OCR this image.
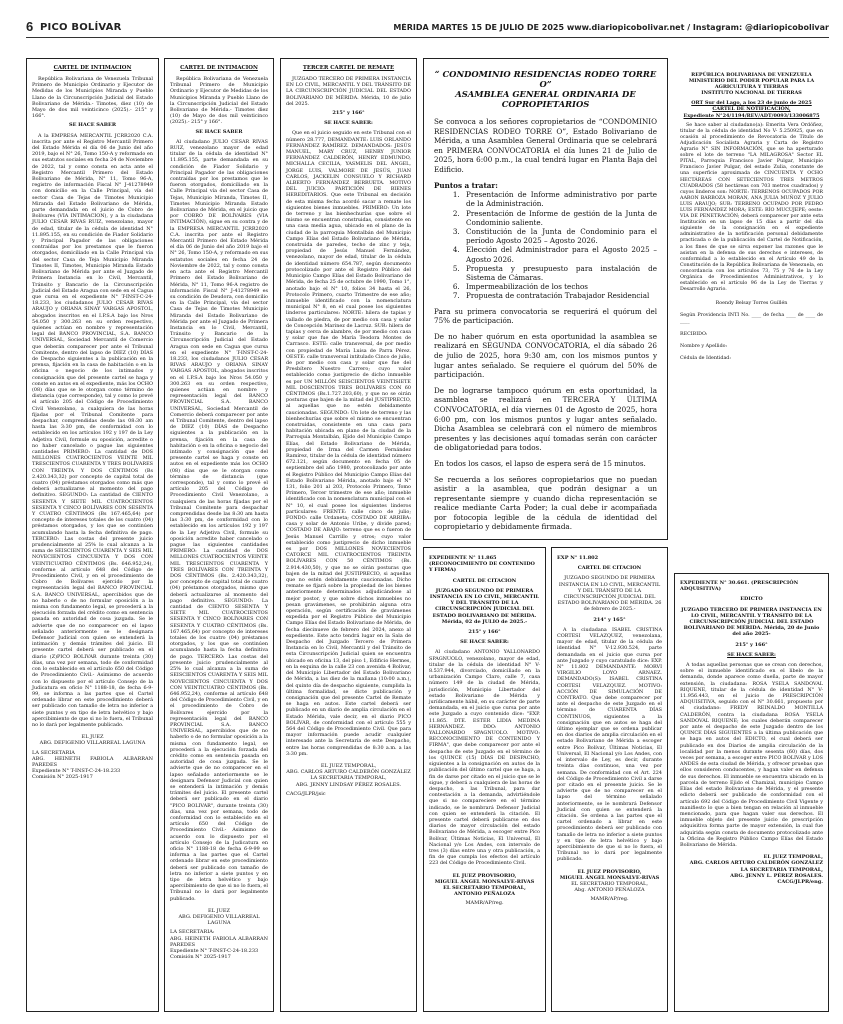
6 PICO BOLÍVAR	MÉRIDA MARTES 15 DE JULIO DE 2025 www.diariopicobolivar.net / Instagram: @diariopicobolivar
CARTEL DE INTIMACION

República Bolivariana de Venezuela Tribunal Primero de Municipio Ordinario y Ejecutor de Medidas de los Municipios Miranda y Pueblo Llano de la Circunscripción Judicial del Estado Bolivariano de Mérida.- Timotes, diez (10) de Mayo de dos mil veinticinco (2025).- 215° y 166°.

SE HACE SABER

A la EMPRESA MERCANTIL JCRR2020 C.A. inscrita por ante el Registro Mercantil Primero del Estado Mérida el día 06 de Junio del año 2019, bajo el N° 26, Tomo 150-A y reformado en sus estatutos sociales en fecha 24 de Noviembre de 2022, tal y como consta en acta ante el Registro Mercantil Primero del Estado Bolivariano de Mérida, N° 11, Tomo 96-A, registro de información Fiscal N° J-41278949 con domicilio en la Calle Principal, vía del sector Casa de Tejas de Timotes Municipio Miranda del Estado Bolivariano de Mérida, parte demandada en el juicio de Cobro de Bolívares (VIA INTIMACION), y a la ciudadana JULIO CESAR RIVAS RUIZ, venezolano, mayor de edad, titular de la cédula de identidad N° 11.895.155, en su condición de Fiador Solidario y Principal Pagador de las obligaciones contraídas por los prestamos que le fueron otorgados, domiciliado en la Calle Principal vía del sector Casa de Teja Municipio Miranda Timotes II, Timotes, Municipio Miranda Estado Bolivariano de Mérida por ante el Juzgado de Primera Instancia en lo Civil, Mercantil, Tránsito y Bancario de la Circunscripción Judicial del Estado Aragua con sede en el Cagua que cursa en el expediente N° T-INST-C-24-18.233, los ciudadanos JULIO CESAR RIVAS ARAUJO y ORIANA SINAY VARGAS APOSTOL, abogados inscritos en el I.P.S.A bajo los Nros 54.050 y 300.263 en su orden respectivo, quienes actúan en nombre y representación legal del BANCO PROVINCIAL, S.A. BANCO UNIVERSAL, Sociedad Mercantil de Comercio que deberán comparecer por ante el Tribunal Comitente, dentro del lapso de DIEZ (10) DÍAS de Despacho siguientes a la publicación en la prensa, fijación en la casa de habitación o en la oficina o negocio de los intimados y consignación que del presente cartel se haga y conste en autos en el expediente, más los OCHO (08) días que se le otorgan como término de distancia (que corresponde), tal y como lo prevé el artículo 205 del Código de Procedimiento Civil Venezolano, a cualquiera de las horas fijadas por el Tribunal Comitente para despachar, comprendidas desde las 08:30 am hasta las 3:30 pm, de conformidad con lo establecido en los artículos 192 y 197 de la Ley Adjetiva Civil, formule su oposición, acredite o no haber cancelado o pague las siguientes cantidades PRIMERO: La cantidad de DOS MILLONES CUATROCIENTOS VEINTE MIL TRESCIENTOS CUARENTA Y TRES BOLÍVARES CON TREINTA Y DOS CÉNTIMOS (Bs 2.420.343,32) por concepto de capital total de cuatro (04) préstamos otorgados como más que deberá actualizarse al momento del pago definitivo. SEGUNDO: La cantidad de CIENTO SESENTA Y SIETE MIL CUATROCIENTOS SESENTA Y CINCO BOLÍVARES CON SESENTA Y CUATRO CÉNTIMOS (Bs 167.465,64) por concepto de intereses totales de los cuatro (04) préstamos otorgados, y los que se continúen acumulando hasta la fecha definitiva de pago. TERCERO: Las costas del presente juicio prudencialmente al 25% lo cual alcanza a la suma de SEISCIENTOS CUARENTA Y SEIS MIL NOVECIENTOS CINCUENTA Y DOS CON VEINTICUATRO CÉNTIMOS (Bs. 646.952,24), conforme al artículo 648 del Código de Procedimiento Civil, y en el procedimiento de Cobro de Bolívares ejercido por la representación legal del BANCO PROVINCIAL S.A. BANCO UNIVERSAL, apercibidos que de no haberlo o de no formular oposición a la misma con fundamento legal, se procederá a la ejecución forzada del crédito como en sentencia pasada en autoridad de cosa juzgada. Se le advierte que de no comparecer en el lapso señalado anteriormente se le designara Defensor Judicial con quien se entenderá la intimación y demás trámites del juicio. El presente cartel deberá ser publicado en el diario (Z)PICO BOLIVAR durante treinta (30) días, una vez por semana, todo de conformidad con lo establecido en el artículo 650 del Código de Procedimiento Civil.- Asimismo de acuerdo con lo dispuesto por el artículo Consejo de la Judicatura en oficio N° 1188-18, de fecha 6-9-99, se informa a las partes que el Cartel ordenado librar en este procedimiento deberá ser publicado con tamaño de letra no inferior a siete puntos y en tipo de letra helvético y bajo apercibimiento de que si no lo fuera, el Tribunal no lo dará por legalmente publicado.

EL JUEZ
ABG. DEFIGENIO VILLARREAL LAGUNA
LA SECRETARIA
ABG. HEINETH FABIOLA ALBARRAN PAREDES
Expediente N° T-INST-C-24-18.233
Comisión N° 2025-1917
CARTEL DE INTIMACION

República Bolivariana de Venezuela Tribunal Primero de Municipio Ordinario y Ejecutor de Medidas de los Municipios Miranda y Pueblo Llano de la Circunscripción Judicial del Estado Bolivariano de Mérida.- Timotes diez (10) de Mayo de dos mil veinticinco (2025).- 215° y 166°.

SE HACE SABER

Al ciudadano JULIO CESAR RIVAS RUIZ, venezolano mayor de edad titular de la cédula de identidad N° 11.895.155, parte demandada en su condición de Fiador Solidario y Principal Pagador de las obligaciones contraídas por los prestamos que le fueron otorgados, domiciliado en la Calle Principal vía del sector Casa de Tejas, Municipio Miranda, Timotes II, Timotes Municipio Miranda Estado Bolivariano de Mérida, en el juicio que por COBRO DE BOLÍVARES (VIA INTIMACIÓN), sigue en su contra y de la EMPRESA MERCANTIL JCRR2020 C.A. inscrita por ante el Registro Mercantil Primero del Estado Mérida el día 06 de Junio del año 2019 bajo el N° 26, Tomo 150-A, y reformado en sus estatutos sociales en fecha 24 de Noviembre de 2022, tal y como consta en acta ante el Registro Mercantil Primero del Estado Bolivariano de Mérida, N° 11, Tomo 96-A registro de información Fiscal N° J-41278949 es su condición de Deudora, con domicilio en la Calle Principal, vía del sector Casa de Tejas de Timotes Municipio Miranda del Estado Bolivariano de Mérida por ante el Juzgado de Primera Instancia en lo Civil, Mercantil, Tránsito y Bancario de la Circunscripción Judicial del Estado Aragua con sede en Cagua que cursa en el expediente N° T-INST-C-24-18.233, los ciudadanos JULIO CESAR RIVAS ARAUJO y ORIANA SINAY VARGAS APOSTOL, abogados inscritos en el I.P.S.A bajo los Nros 54.050 y 300.263 en su orden respectivo, quienes actúan en nombre y representación legal del BANCO PROVINCIAL S.A. BANCO UNIVERSAL, Sociedad Mercantil de Comercio deberá comparecer por ante el Tribunal Comitente, dentro del lapso de DIEZ (10) DÍAS de Despacho siguientes a la publicación en la prensa, fijación en la casa de habitación o en la oficina o negocio del intimado y consignación que del presente cartel se haga y conste en autos en el expediente más los OCHO (08) días que se le otorgan como término de distancia (que corresponde), tal y como lo prevé el artículo 205 del Código de Procedimiento Civil Venezolano, a cualquiera de las horas fijadas por el Tribunal Comitente para despachar comprendidas desde las 8:30 am hasta las 3:30 pm, de conformidad con lo establecido en los artículos 192 y 197 de la Ley Adjetiva Civil, formule su oposición acredite haber cancelado o pague las siguientes cantidades PRIMERO: La cantidad de DOS MILLONES CUATROCIENTOS VEINTE MIL TRESCIENTOS CUARENTA Y TRES BOLÍVARES CON TREINTA Y DOS CÉNTIMOS (Bs. 2.420.343,32), por concepto de capital total de cuatro (04) préstamos otorgados, mismo que deberá actualizarse al momento del pago definitivo. SEGUNDO: La cantidad de CIENTO SESENTA Y SIETE MIL CUATROCIENTOS SESENTA Y CINCO BOLÍVARES CON SESENTA Y CUATRO CÉNTIMOS (Bs. 167.465,64) por concepto de intereses totales de los cuatro (04) préstamos otorgados, y los que se continúen acumulando hasta la fecha definitiva de pago. TERCERO: Las costas del presente juicio prudencialmente al 25% lo cual alcanza a la suma de SEISCIENTOS CUARENTA Y SEIS MIL NOVECIENTOS CINCUENTA Y DOS CON VEINTICUATRO CÉNTIMOS (Bs. 646.952,24), conforme al artículo 648 del Código de Procedimiento Civil, y en el procedimiento de Cobro de Bolívares ejercido por la representación legal del BANCO PROVINCIAL S.A. BANCO UNIVERSAL, apercibidos que de no haberlo o de no formular oposición a la misma con fundamento legal, se procederá a la ejecución forzada del crédito como en sentencia pasada en autoridad de cosa juzgada. Se le advierte que de no comparecer en el lapso señalado anteriormente se le designara Defensor Judicial con quien se entenderá la intimación y demás trámites del juicio. El presente cartel deberá ser publicado en el diario "PICO BOLIVAR", durante treinta (30) días, una vez por semana, todo de conformidad con lo establecido en el artículo 650 del Código de Procedimiento Civil.- Asimismo de acuerdo con lo dispuesto por el artículo Consejo de la Judicatura en oficio N° 1188-18 de fecha 6-9-99 se informa a las partes que el Cartel ordenado librar en este procedimiento deberá ser publicado con tamaño de letra no inferior a siete puntos y en tipo de letra helvético y bajo apercibimiento de que si no lo fuera, el Tribunal no lo dará por legalmente publicado.

EL JUEZ
ABG. DEFIGENIO VILLARREAL LAGUNA
LA SECRETARIA:
ABG. HEINETH FABIOLA ALBARRAN PAREDES
Expediente N° T-INST-C-24-18.233
Comisión N° 2025-1917
TERCER CARTEL DE REMATE

JUZGADO TERCERO DE PRIMERA INSTANCIA EN LO CIVIL, MERCANTIL Y DEL TRÁNSITO DE LA CIRCUNSCRIPCIÓN JUDICIAL DEL ESTADO BOLIVARIANO DE MÉRIDA. Mérida, 10 de julio del 2025.

215° y 166°
SE HACE SABER:

Que en el juicio seguido en este Tribunal con el número 28.777, DEMANDANTE: LUIS ORLANDO FERNÁNDEZ RAMÍREZ. DEMANDADOS: JESÚS MANUEL, MARY CRUZ, HENRY JUNIOR FERNÁNDEZ CALDERÓN, HENRY EDMUNDO, MICHALLA CECILIA, YASMELIS DEL ÁNGEL, JORGE LUIS, VALMORE DE JESÚS, JUAN CARLOS, JACKELIN CONSUELO Y RICHARD ALBERTO FERNÁNDEZ BERRUETA. MOTIVO DEL JUICIO: PARTICIÓN DE BIENES HEREDITARIOS. Que este Tribunal en decisión de esta misma fecha acordó sacar a remate los siguientes bienes inmuebles. PRIMERO: Un lote de terreno y las bienhechurías que sobre el mismo se encuentran construidas, consistente en una casa media agua, ubicado en el plano de la ciudad de la parroquia Montalbán del Municipio Campo Elías del Estado Bolivariano de Mérida, construida de paredes, techo de zinc y teja, propiedad de Jesús Manuel Fernández, venezolano, mayor de edad, titular de la cédula de identidad número 654.787, según documento protocolizado por ante el Registro Público del Municipio Campo Elías del Estado Bolivariano de Mérida, de fecha 25 de octubre de 1990, Tomo 1°, anotado bajo el N° 10, folios 34 hasta el 26, Protocolo Primero, cuarto Trimestre de ese año; inmueble identificado con la nomenclatura municipal N° 8, en el cual posee los siguientes linderos particulares: NORTE: hilera de tapias y vallado de piedra, de por medio con casa y solar de Concepción Marinez de Lacruz. SUR: hilera de tapias y cerca de alambre, de por medio con casa y solar que fue de María Teodora Montes de Carrasco. ESTE: calle transversal, de por medio con propiedad de María Luisa de Parra Pérez. OESTE: calle transversal intitulado Cinco de julio, de por medio con casa y solar que fue del Presbítero Nuestro Carrero; cuyo valor establecido como justiprecio de dicho inmueble es por UN MILLÓN SEISCIENTOS VEINTISIETE MIL DOSCIENTOS TRES BOLÍVARES CON 60 CÉNTIMOS (Bs.1.727.203,60), y que no se oirán posturas que bajen de la mitad del JUSTIPRECIO, al aquellas que no estén debidamente caucionadas. SEGUNDO: Un lote de terreno y las bienhechurías que sobre el mismo se encuentran construidas, consistente en una casa para habitación ubicada en plano de la ciudad de la Parroquia Montalbán, Ejido del Municipio Campo Elías, del Estado Bolivariano de Mérida, propiedad de Irma del Carmen Fernández Ramírez, titular de la cédula de identidad número 672.121, según documento en fecha 05 de septiembre del año 1980, protocolizado por ante el Registro Público del Municipio Campo Elías del Estado Bolivariano Mérida, anotado bajo el N° 131, folio 201 al 203, Protocolo Primero, Tomo Primero, Tercer trimestre de ese año; inmueble identificado con la nomenclatura municipal con el N° 10, el cual posee los siguientes linderos particulares: FRENTE: calle cinco de julio; FONDO: calle Urdaneta; COSTADO DE ARRIBA: casa y solar de Antonio Uribe, y divide pared; COSTADO DE ABAJO: terreno que es o fueron de Jesús Manuel Carrillo y otros; cuyo valor establecido como justiprecio de dicho inmueble es por DOS MILLONES NOVECIENTOS CATORCE MIL CUATROCIENTOS TREINTA BOLÍVARES CON 50 CÉNTIMOS (Bs. 2.914.430,50), y que no se oirán posturas que bajen de la mitad del JUSTIPRECIO, si aquellas que no estén debidamente caucionadas. Dicho remate se fijará sobre la propiedad de los bienes anteriormente determinados adjudicándose al mejor postor, y que sobre dichos inmuebles no pesan gravámenes, se prohibirán alguna otra operación, según certificación de gravámenes expedida por el Registro Público del Municipio Campo Elías del Estado Bolivariano de Mérida, de fecha diecinueve de febrero del 2024, anexo al expediente. Este acto tendrá lugar en la Sala de Despacho del Juzgado Tercero de Primera Instancia en lo Civil, Mercantil y del Tránsito de esta Circunscripción Judicial quien se encuentra ubicado en oficina 13, del piso 1, Edificio Hermes, en la esquina de la calle 23 con avenida 4 Bolívar, del Municipio Libertador del Estado Bolivariano de Mérida, a las diez de la mañana (10:00 a.m.), del quinto día de despacho siguiente, cumplida la última formalidad, se dicte publicación y consignación que del presente Cartel de Remate se haga en autos. Este cartel deberá ser publicado en un diario de amplia circulación en el Estado Mérida, vale decir, en el diario PICO BOLÍVAR, de conformidad con el artículo 555 y 564 del Código de Procedimiento Civil. Que para mayor información puede acudir cualquier interesado ante la Secretaría de este Despacho, entre las horas comprendidas de 8:30 a.m. a las 3:30 pm.

EL JUEZ TEMPORAL,
ABG. CARLOS ARTURO CALDERÓN GONZÁLEZ
LA SECRETARIA TEMPORAL,
ABG. JENNY LINDSAY PÉREZ ROSALES.
CACG/JLPR/jsic
“ CONDOMINIO RESIDENCIAS RODEO TORRE O”
ASAMBLEA GENERAL ORDINARIA DE COPROPIETARIOS

Se convoca a los señores copropietarios de “CONDOMINIO RESIDENCIAS RODEO TORRE O”, Estado Bolivariano de Mérida, a una Asamblea General Ordinaria que se celebrará en PRIMERA CONVOCATORIA el día lunes 21 de Julio de 2025, hora 6:00 p.m., la cual tendrá lugar en Planta Baja del Edificio.

Puntos a tratar:
1. Presentación de Informe administrativo por parte de la Administración.
2. Presentación de Informe de gestión de la Junta de Condominio saliente.
3. Constitución de la Junta de Condominio para el período Agosto 2025 – Agosto 2026.
4. Elección del Administrador para el Agosto 2025 – Agosto 2026.
5. Propuesta y presupuesto para instalación de Sistema de Cámaras.
6. Impermeabilización de los techos
7. Propuesta de contratación Trabajador Residencial

Para su primera convocatoria se requerirá el quórum del 75% de participación.

De no haber quórum en esta oportunidad la asamblea se realizará en SEGUNDA CONVOCATORIA, el día sábado 26 de julio de 2025, hora 9:30 am, con los mismos puntos y lugar antes señalado. Se requiere el quórum del 50% de participación.

De no lograrse tampoco quórum en esta oportunidad, la asamblea se realizará en TERCERA Y ÚLTIMA CONVOCATORIA, el día viernes 01 de Agosto de 2025, hora 6:00 pm, con los mismos puntos y lugar antes señalado. Dicha Asamblea se celebrará con el número de miembros presentes y las decisiones aquí tomadas serán con carácter de obligatoriedad para todos.

En todos los casos, el lapso de espera será de 15 minutos.

Se recuerda a los señores copropietarios que no puedan asistir a la asamblea, que podrán designar a un representante siempre y cuando dicha representación se realice mediante Carta Poder; la cual debe ir acompañada por fotocopia legible de la cédula de identidad del copropietario y debidamente firmada.

REPÚBLICA BOLIVARIANA DE VENEZUELA
MINISTERIO DEL PODER POPULAR PARA LA AGRICULTURA Y TIERRAS
INSTITUTO NACIONAL DE TIERRAS
ORT Sur del Lago, a los 23 de junio de 2025
CARTEL DE NOTIFICACIÓN,
Expediente N°24/1194/REV/ADT/0093/133006875
Se hace saber al ciudadano(a): Emerita Vera Ordóñez, titular de la cédula de identidad No V- 5.250925, que en ocasión al procedimiento de Revocatoria de Título de Adjudicación Socialista Agraria y Carta de Registro Agrario N° SIN INFORMACIÓN, que se ha aperturado sobre el lote de terreno "LA MILAGROSA" Sector EL PITAL, Parroquia Francisco Javier Pulgar, Municipio Francisco Javier Pulgar, del estado Zulia, constante de una superficie aproximada de CINCUENTA Y OCHO HECTÁREAS CON SETECIENTOS TRES METROS CUADRADOS (58 hectáreas con 703 metros cuadrados) y cuyos linderos son: NORTE: TERRENOS OCUPADOS POR AARON BARBOZA MORAN, ANA JULIA MUÑOZ Y JULIO LUIS ARAUJO; SUR: TERRENO OCUPADO POR PEDRO LUIS FERNÁNDEZ MORA; ESTE: RÍO MUCUJEPE; oeste: VIA DE PENETRACIÓN; deberá comparecer por ante esta Institución en un lapso de 15 días a partir del día siguiente de la consignación en el expediente administrativo de la notificación personal debidamente practicada o de la publicación del Cartel de Notificación, a los fines de que se sirva exponer las razones que le asistan en la defensa de sus derechos e intereses, de conformidad a lo establecido en el Artículo 49 de la Constitución de la República Bolivariana de Venezuela, en concordancia con los artículos 73, 75 y 76 de la Ley Orgánica de Procedimientos Administrativos, y lo establecido en el artículo 96 de la Ley de Tierras y Desarrollo Agrario.
Roendy Belsay Torres Guillén
Según Providencia INTI No. ____ de fecha ____ de ____ de ____
RECIBIDO:
Nombre y Apellido:
Cédula de Identidad:
EXPEDIENTE N° 11.865
(RECONOCIMIENTO DE CONTENIDO Y FIRMA)
CARTEL DE CITACION
JUZGADO SEGUNDO DE PRIMERA INSTANCIA EN LO CIVIL, MERCANTIL Y DEL TRÁNSITO DE LA CIRCUNSCRIPCIÓN JUDICIAL DEL ESTADO BOLIVARIANO DE MÉRIDA. Mérida, 02 de JULIO de 2025.-
215° y 166°
SE HACE SABER:

Al ciudadano ANTONIO YALLONARDO SPAGNUOLO, venezolano, mayor de edad, titular de la cédula de identidad N° V-8.537.944, divorciado, domiciliado en la urbanización Campo Claro, calle 7, casa número 149 de la ciudad de Mérida, jurisdicción, Municipio Libertador del estado Bolivariano de Mérida y jurídicamente hábil, en su carácter de parte demandada, en el juicio que cursa por ante este Juzgado a cuyo contenido dice: "EXP. 11.865. DTE. ESTER LIDIA MEDINA HERNÁNDEZ. DDO: ANTONIO YALLONARDO SPAGNUOLO. MOTIVO: RECONOCIMIENTO DE CONTENIDO Y FIRMA", que debe comparecer por ante el despacho de este Juzgado en el término de los QUINCE (15) DÍAS DE DESPACHO, siguientes a la consignación en autos de la publicación del último cartel que se haga, a fin de darse por citado en el juicio que se le sigue, y deberá a cualquiera de las horas de despacho, a las Tribunal, para dar contestación a la demanda, advirtiéndole que si no compareciere en el término indicado, se le nombrará Defensor Judicial con quien se entenderá la citación. El presente cartel deberá publicarse en dos diarios de mayor circulación del estado Bolivariano de Mérida, a escoger entre Pico Bolívar, Últimas Noticias, El Universal, El Nacional y/o Los Andes, con intervalo de tres (3) días entre una y otra publicación, a fin de que cumpla los efectos del artículo 223 del Código de Procedimiento Civil.

EL JUEZ PROVISORIO,
MIGUEL ÁNGEL MONSALVE-RIVAS
EL SECRETARIO TEMPORAL,
ANTONIO PEÑALOZA
MAMR/AP/reg.
EXP N° 11.802
CARTEL DE CITACION
JUZGADO SEGUNDO DE PRIMERA INSTANCIA EN LO CIVIL, MERCANTIL Y DEL TRÁNSITO DE LA CIRCUNSCRIPCIÓN JUDICIAL DEL ESTADO BOLIVARIANO DE MÉRIDA. 26 de febrero de 2025.-
214° y 165°

A la ciudadana ISABEL CRISTINA CORTESI VELAZQUEZ, venezolana, mayor de edad, titular de la cédula de identidad N° V-12.930.524, parte demandada en el juicio que cursa por ante Juzgado y cuyo caratulado dice: EXP. N° 11.802 DEMANDANTE: MORVI VIRGILIO LOYO ARNAEZ. DEMANDADO(S): ISABEL CRISTINA CORTESI VELAZQUEZ. MOTIVO: ACCIÓN DE SIMULACIÓN DE CONTRATO. Que debe comparecer por ante el despacho de este Juzgado en el término de CUARENTA DÍAS CONTINUOS, siguientes a la consignación que en autos se haga del último ejemplar que se ordena publicar en dos diarios de amplia circulación en el estado Bolivariano de Mérida a escoger entre Pico Bolívar, Últimas Noticias, El Universal, El Nacional y/o Los Andes, con el intervalo de Ley, es decir, durante treinta días continuos, una vez por semana. De conformidad con el Art. 224 del Código de Procedimiento Civil a darse por citado en el presente juicio. Se le advierte que de no comparecer en el lapso del término señalado anteriormente, se le nombrará Defensor Judicial con quien se entenderá la citación. Se ordena a las partes que el cartel ordenado a librar en este procedimiento deberá ser publicado con tamaño de letra no inferior a siete puntos y en tipo de letra helvético y bajo apercibimiento de que si no lo fuera, el Tribunal no lo dará por legalmente publicado.

EL JUEZ PROVISORIO,
MIGUEL ÁNGEL MONSALVE-RIVAS
EL SECRETARIO TEMPORAL,
Abg. ANTONIO PEÑALOZA
MAMR/AP/reg.
EXPEDIENTE N° 30.661. (PRESCRIPCIÓN ADQUISITIVA)
EDICTO
JUZGADO TERCERO DE PRIMERA INSTANCIA EN LO CIVIL, MERCANTIL Y TRÁNSITO DE LA CIRCUNSCRIPCIÓN JUDICIAL DEL ESTADO BOLIVARIANO DE MÉRIDA. Mérida, 20 de Junio del año 2025-
215° y 166°
SE HACE SABER:

A todas aquellas personas que se crean con derechos, sobre el inmueble identificado en el libelo de la demanda, donde aparece como dueña, parte de mayor extensión, la ciudadana: ROSA YSELA SANDOVAL RIQUENE, titular de la cédula de identidad N° V-11.956.443, en el juicio de PRESCRIPCIÓN ADQUISITIVA, seguido con el N° 30.661, propuesto por el ciudadano: FREDY REINALDO MONTILLA CALDERÓN, contra la ciudadana ROSA YSELA SANDOVAL RIQUENE; los cuales deberán comparecer por ante el despacho de este Juzgado dentro de los QUINCE DÍAS SIGUIENTES a la última publicación que se haga en autos del EDICTO, el cual deberá ser publicado en dos Diarios de amplia circulación de la localidad por la menos durante sesenta (60) días, dos veces por semana, a escoger entre PICO BOLIVAR y LOS ANDES de esta ciudad de Mérida, y ofrecer pruebas que ellos consideren conducentes, y hagan valer en defensa de sus derechos. El inmueble se encuentra ubicado en la parcela de terreno Ejido el Chamizal, municipio Campo Elías del estado Bolivariano de Mérida, y el presente edicto deberá ser publicado de conformidad con el artículo 692 del Código de Procedimiento Civil Vigente y manifiesto lo que a bien tengan en relación al inmueble mencionado, para que hagan valer sus derechos. El inmueble objeto del presente juicio de prescripción adquisitiva forma parte de mayor extensión, la cual fue adquirida según consta de documento protocolizado ante la Oficina de Registro Público Campo Elías del Estado Bolivariano de Mérida.

EL JUEZ TEMPORAL,
ABG. CARLOS ARTURO CALDERÓN GONZÁLEZ
LA SECRETARIA TEMPORAL,
ABG. JENNY L. PÉREZ ROSALES.
CACG/JLPR/eng.
